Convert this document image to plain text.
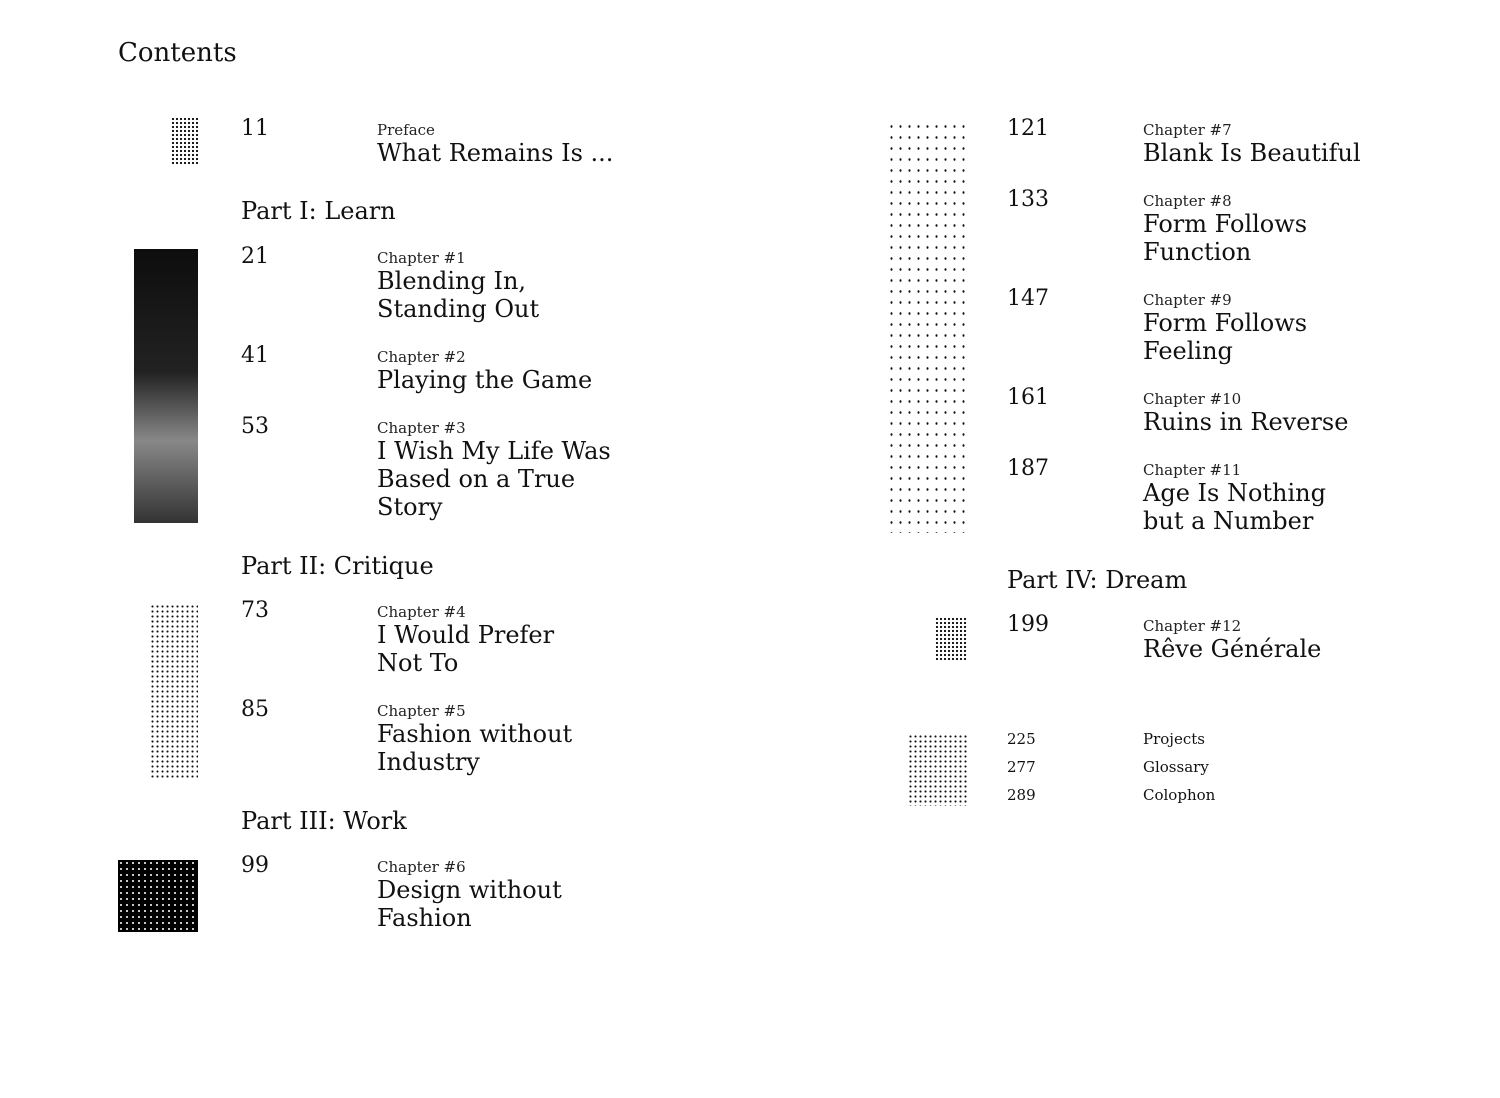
Contents
11	Preface
What Remains Is ...
Part I: Learn
Part II: Critique
Part III: Work
Part IV: Dream
21	Chapter #1
Blending In,
Standing Out
41	Chapter #2
Playing the Game
53	Chapter #3
I Wish My Life Was
Based on a True
Story
73	Chapter #4
I Would Prefer
Not To
85	Chapter #5
Fashion without
Industry
99	Chapter #6
Design without
Fashion
121	Chapter #7
Blank Is Beautiful
133	Chapter #8
Form Follows
Function
147	Chapter #9
Form Follows
Feeling
161	Chapter #10
Ruins in Reverse
187	Chapter #11
Age Is Nothing
but a Number
199	Chapter #12
Rêve Générale
225	Projects
277	Glossary
289	Colophon
